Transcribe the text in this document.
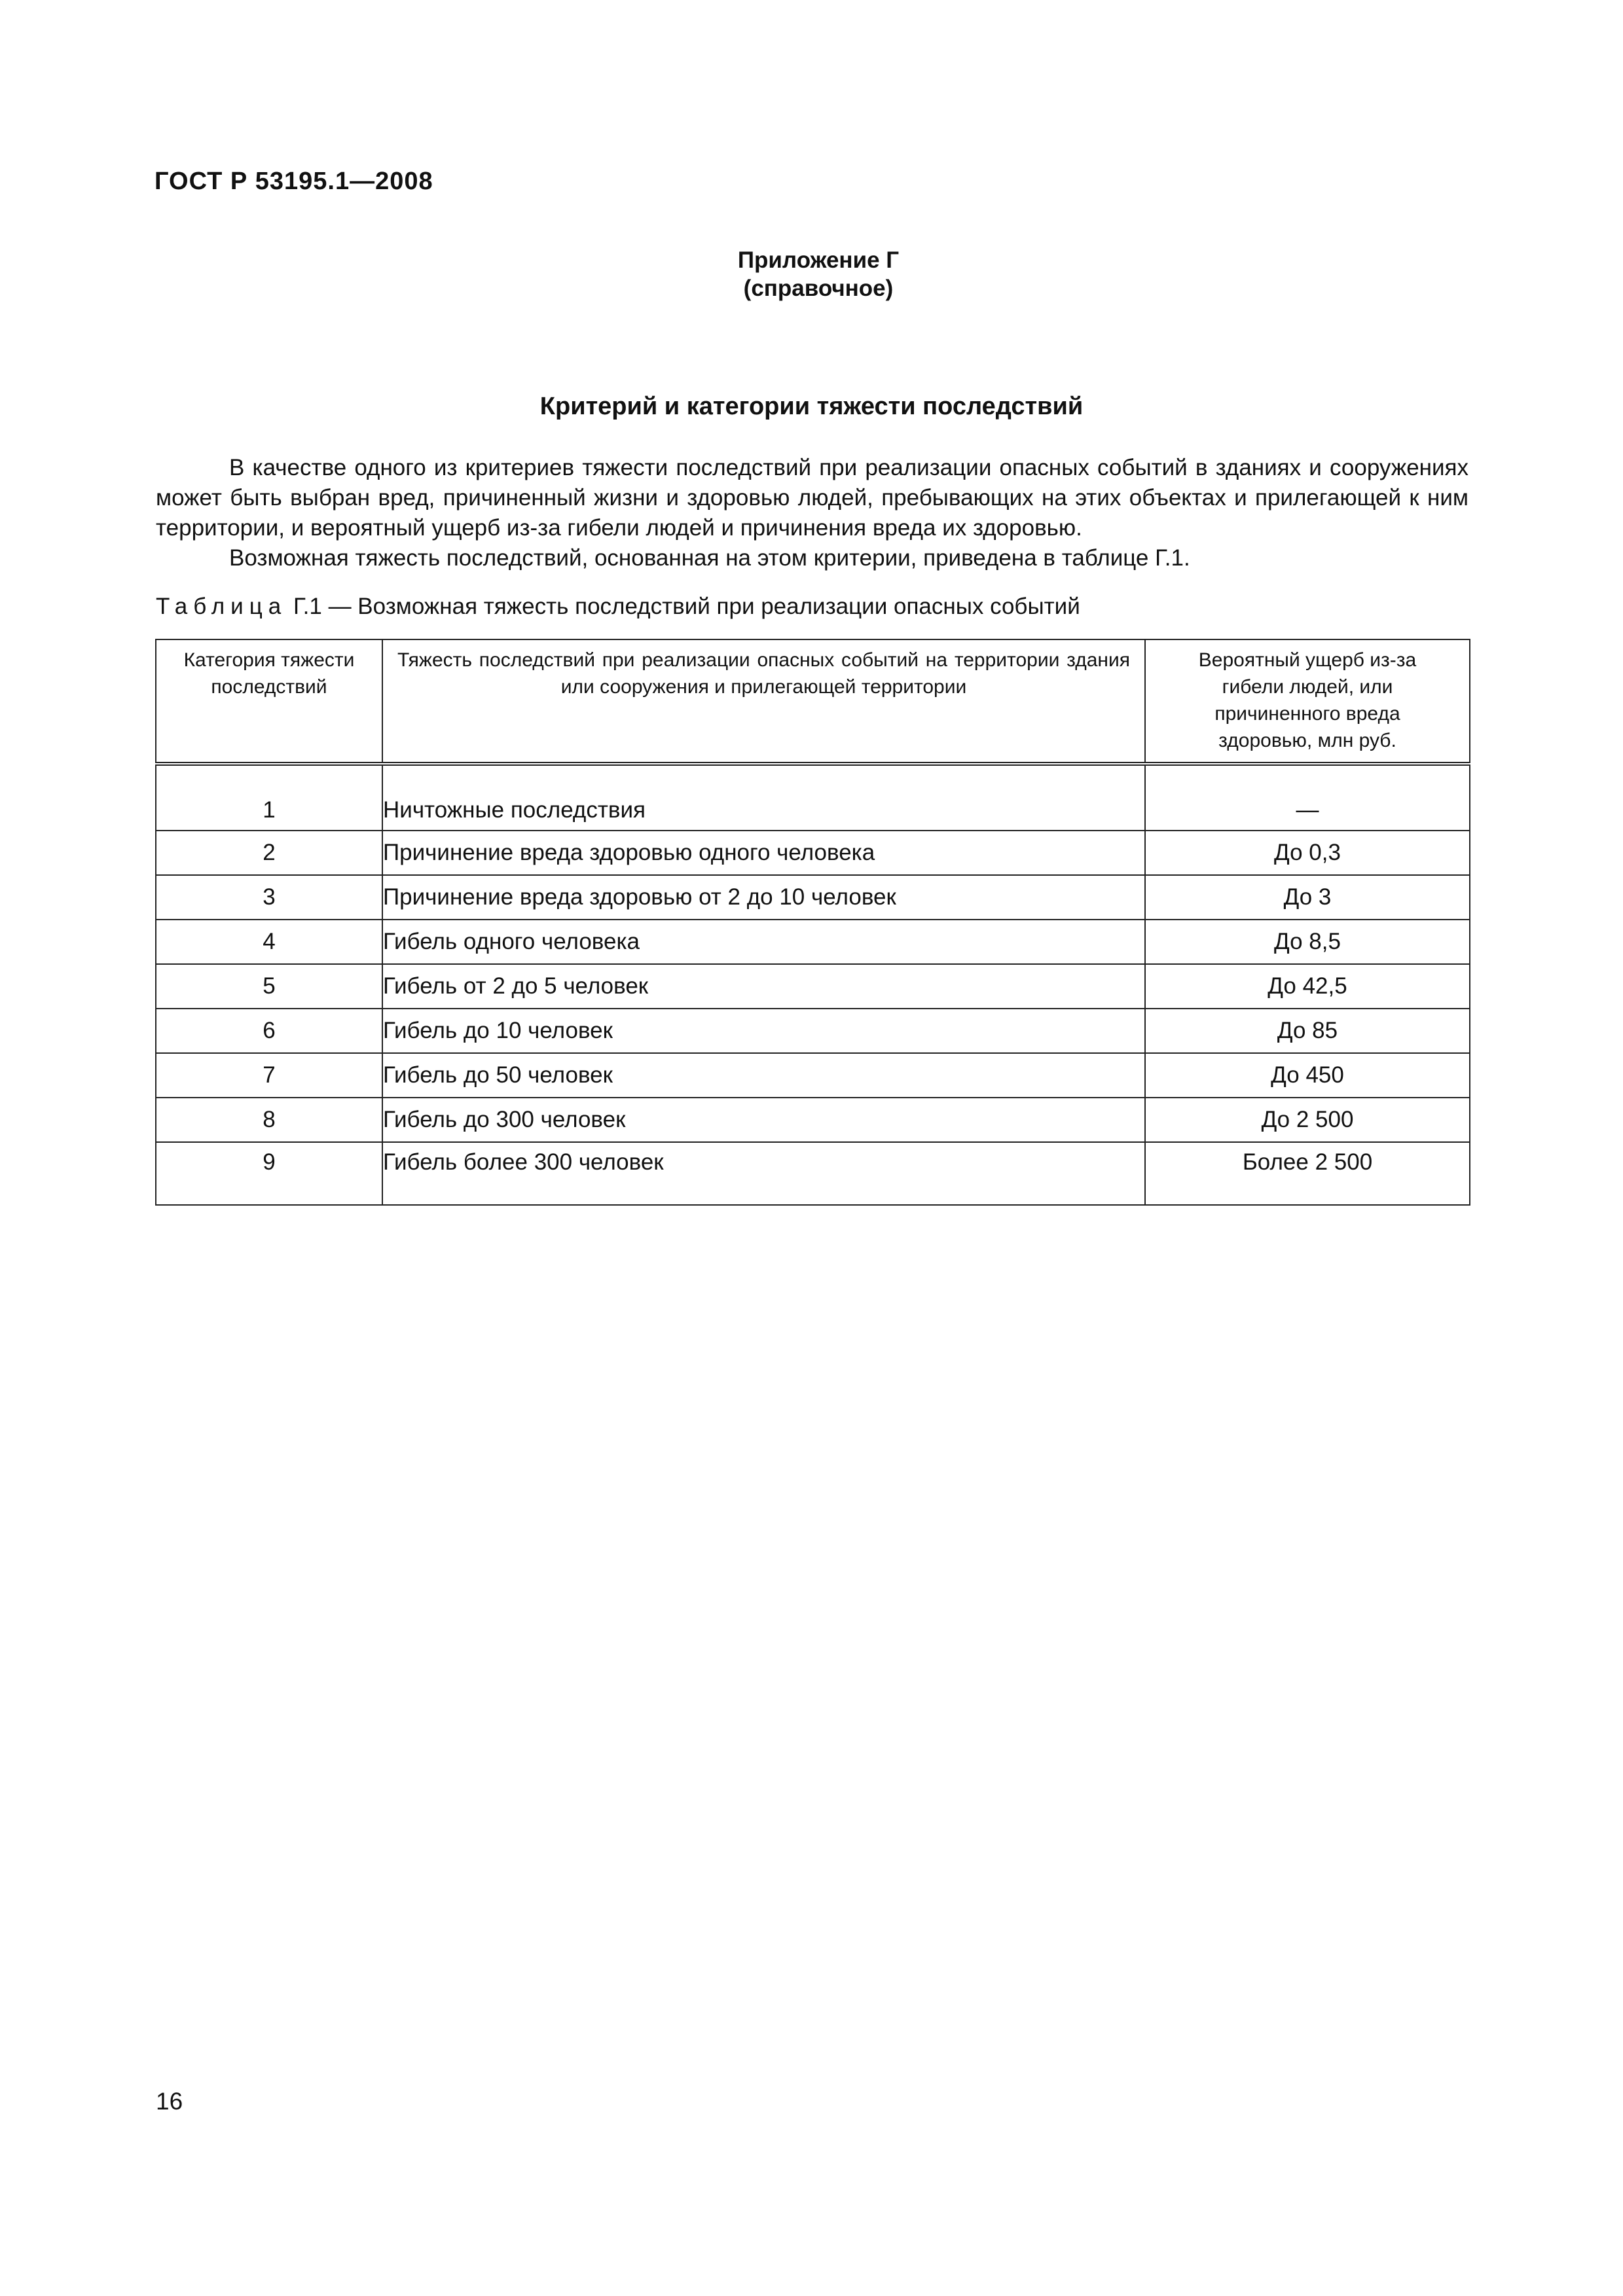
ГОСТ Р 53195.1—2008
Приложение Г
(справочное)
Критерий и категории тяжести последствий
В качестве одного из критериев тяжести последствий при реализации опасных событий в зданиях и сооружениях может быть выбран вред, причиненный жизни и здоровью людей, пребывающих на этих объектах и прилегающей к ним территории, и вероятный ущерб из-за гибели людей и причинения вреда их здоровью.
Возможная тяжесть последствий, основанная на этом критерии, приведена в таблице Г.1.
Таблица Г.1 — Возможная тяжесть последствий при реализации опасных событий
Категория тяжести последствий	Тяжесть последствий при реализации опасных событий на территории здания или сооружения и прилегающей территории	Вероятный ущерб из-за гибели людей, или причиненного вреда здоровью, млн руб.
1	Ничтожные последствия	—
2	Причинение вреда здоровью одного человека	До 0,3
3	Причинение вреда здоровью от 2 до 10 человек	До 3
4	Гибель одного человека	До 8,5
5	Гибель от 2 до 5 человек	До 42,5
6	Гибель до 10 человек	До 85
7	Гибель до 50 человек	До 450
8	Гибель до 300 человек	До 2 500
9	Гибель более 300 человек	Более 2 500
16
